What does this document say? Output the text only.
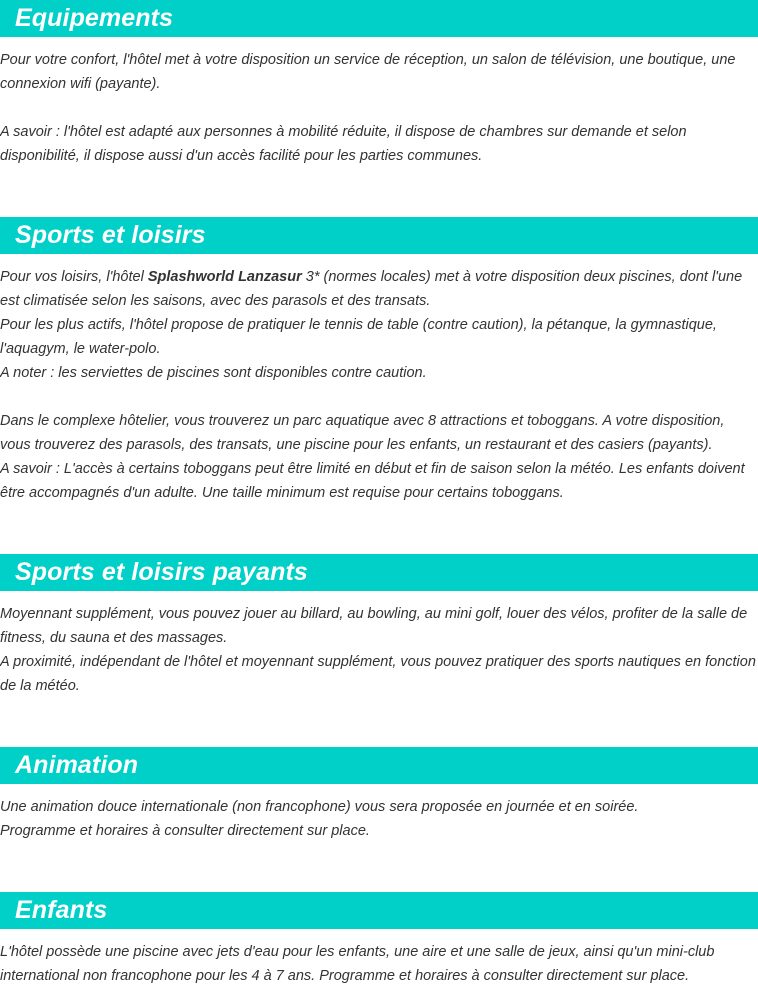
Equipements

Pour votre confort, l'hôtel met à votre disposition un service de réception, un salon de télévision, une boutique, une connexion wifi (payante).

A savoir : l'hôtel est adapté aux personnes à mobilité réduite, il dispose de chambres sur demande et selon disponibilité, il dispose aussi d'un accès facilité pour les parties communes.

Sports et loisirs

Pour vos loisirs, l'hôtel Splashworld Lanzasur 3* (normes locales) met à votre disposition deux piscines, dont l'une est climatisée selon les saisons, avec des parasols et des transats.

Pour les plus actifs, l'hôtel propose de pratiquer le tennis de table (contre caution), la pétanque, la gymnastique, l'aquagym, le water-polo.

A noter : les serviettes de piscines sont disponibles contre caution.

Dans le complexe hôtelier, vous trouverez un parc aquatique avec 8 attractions et toboggans. A votre disposition, vous trouverez des parasols, des transats, une piscine pour les enfants, un restaurant et des casiers (payants).

A savoir : L'accès à certains toboggans peut être limité en début et fin de saison selon la météo. Les enfants doivent être accompagnés d'un adulte. Une taille minimum est requise pour certains toboggans.

Sports et loisirs payants

Moyennant supplément, vous pouvez jouer au billard, au bowling, au mini golf, louer des vélos, profiter de la salle de fitness, du sauna et des massages.

A proximité, indépendant de l'hôtel et moyennant supplément, vous pouvez pratiquer des sports nautiques en fonction de la météo.

Animation

Une animation douce internationale (non francophone) vous sera proposée en journée et en soirée.

Programme et horaires à consulter directement sur place.

Enfants

L'hôtel possède une piscine avec jets d'eau pour les enfants, une aire et une salle de jeux, ainsi qu'un mini-club international non francophone pour les 4 à 7 ans. Programme et horaires à consulter directement sur place.
